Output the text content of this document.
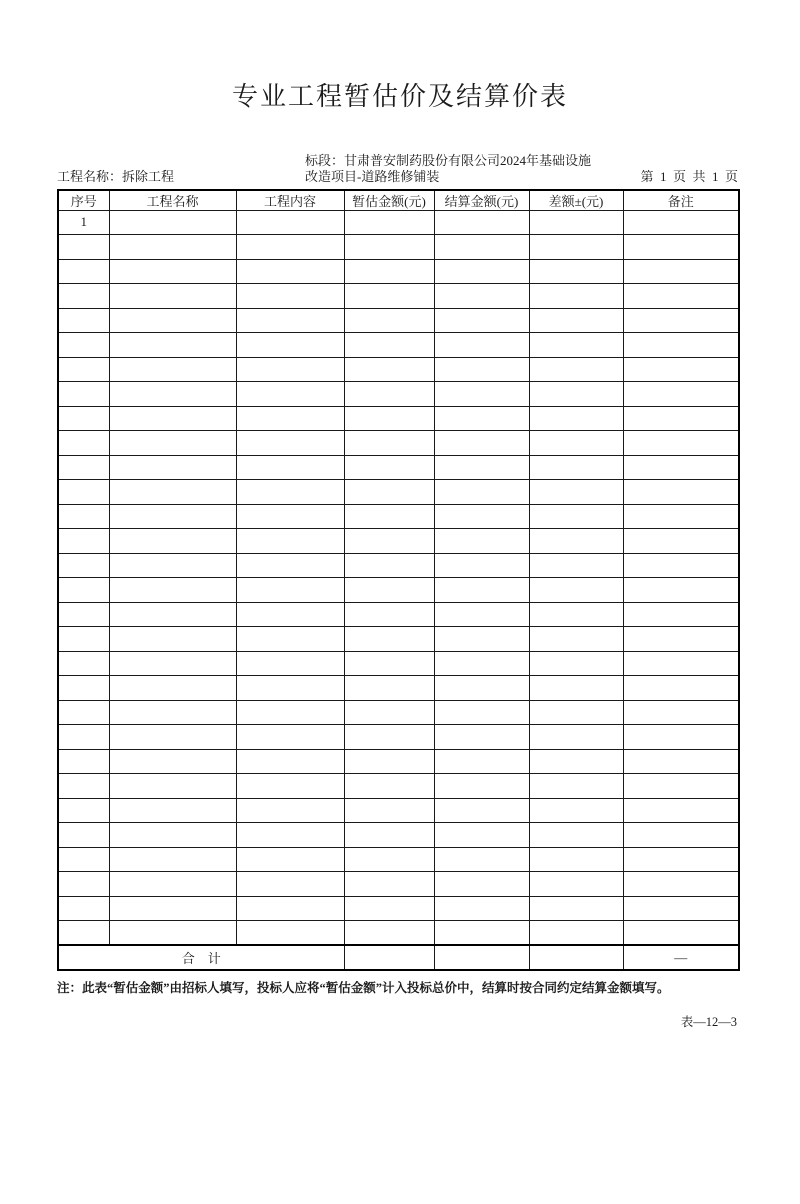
专业工程暂估价及结算价表
工程名称：拆除工程
标段：甘肃普安制药股份有限公司2024年基础设施改造项目-道路维修铺装	第  1  页  共  1  页
序号	工程名称	工程内容	暂估金额(元)	结算金额(元)	差额±(元)	备注
1						

合    计						—

注：此表“暂估金额”由招标人填写，投标人应将“暂估金额”计入投标总价中，结算时按合同约定结算金额填写。

表—12—3
